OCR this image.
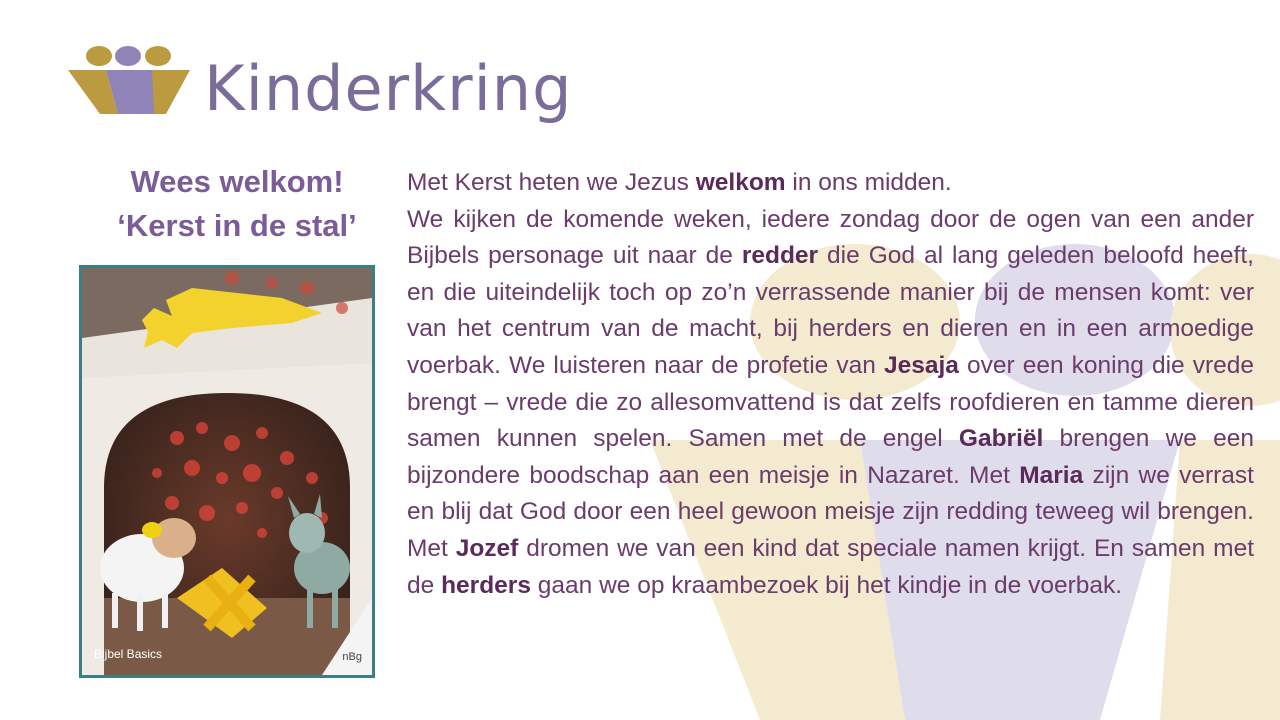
Kinderkring
Wees welkom!
‘Kerst in de stal’
Bijbel Basics	nBg

Met Kerst heten we Jezus welkom in ons midden.

We kijken de komende weken, iedere zondag door de ogen van een ander Bijbels personage uit naar de redder die God al lang geleden beloofd heeft, en die uiteindelijk toch op zo’n verrassende manier bij de mensen komt: ver van het centrum van de macht, bij herders en dieren en in een armoedige voerbak. We luisteren naar de profetie van Jesaja over een koning die vrede brengt – vrede die zo allesomvattend is dat zelfs roofdieren en tamme dieren samen kunnen spelen. Samen met de engel Gabriël brengen we een bijzondere boodschap aan een meisje in Nazaret. Met Maria zijn we verrast en blij dat God door een heel gewoon meisje zijn redding teweeg wil brengen. Met Jozef dromen we van een kind dat speciale namen krijgt. En samen met de herders gaan we op kraambezoek bij het kindje in de voerbak.
